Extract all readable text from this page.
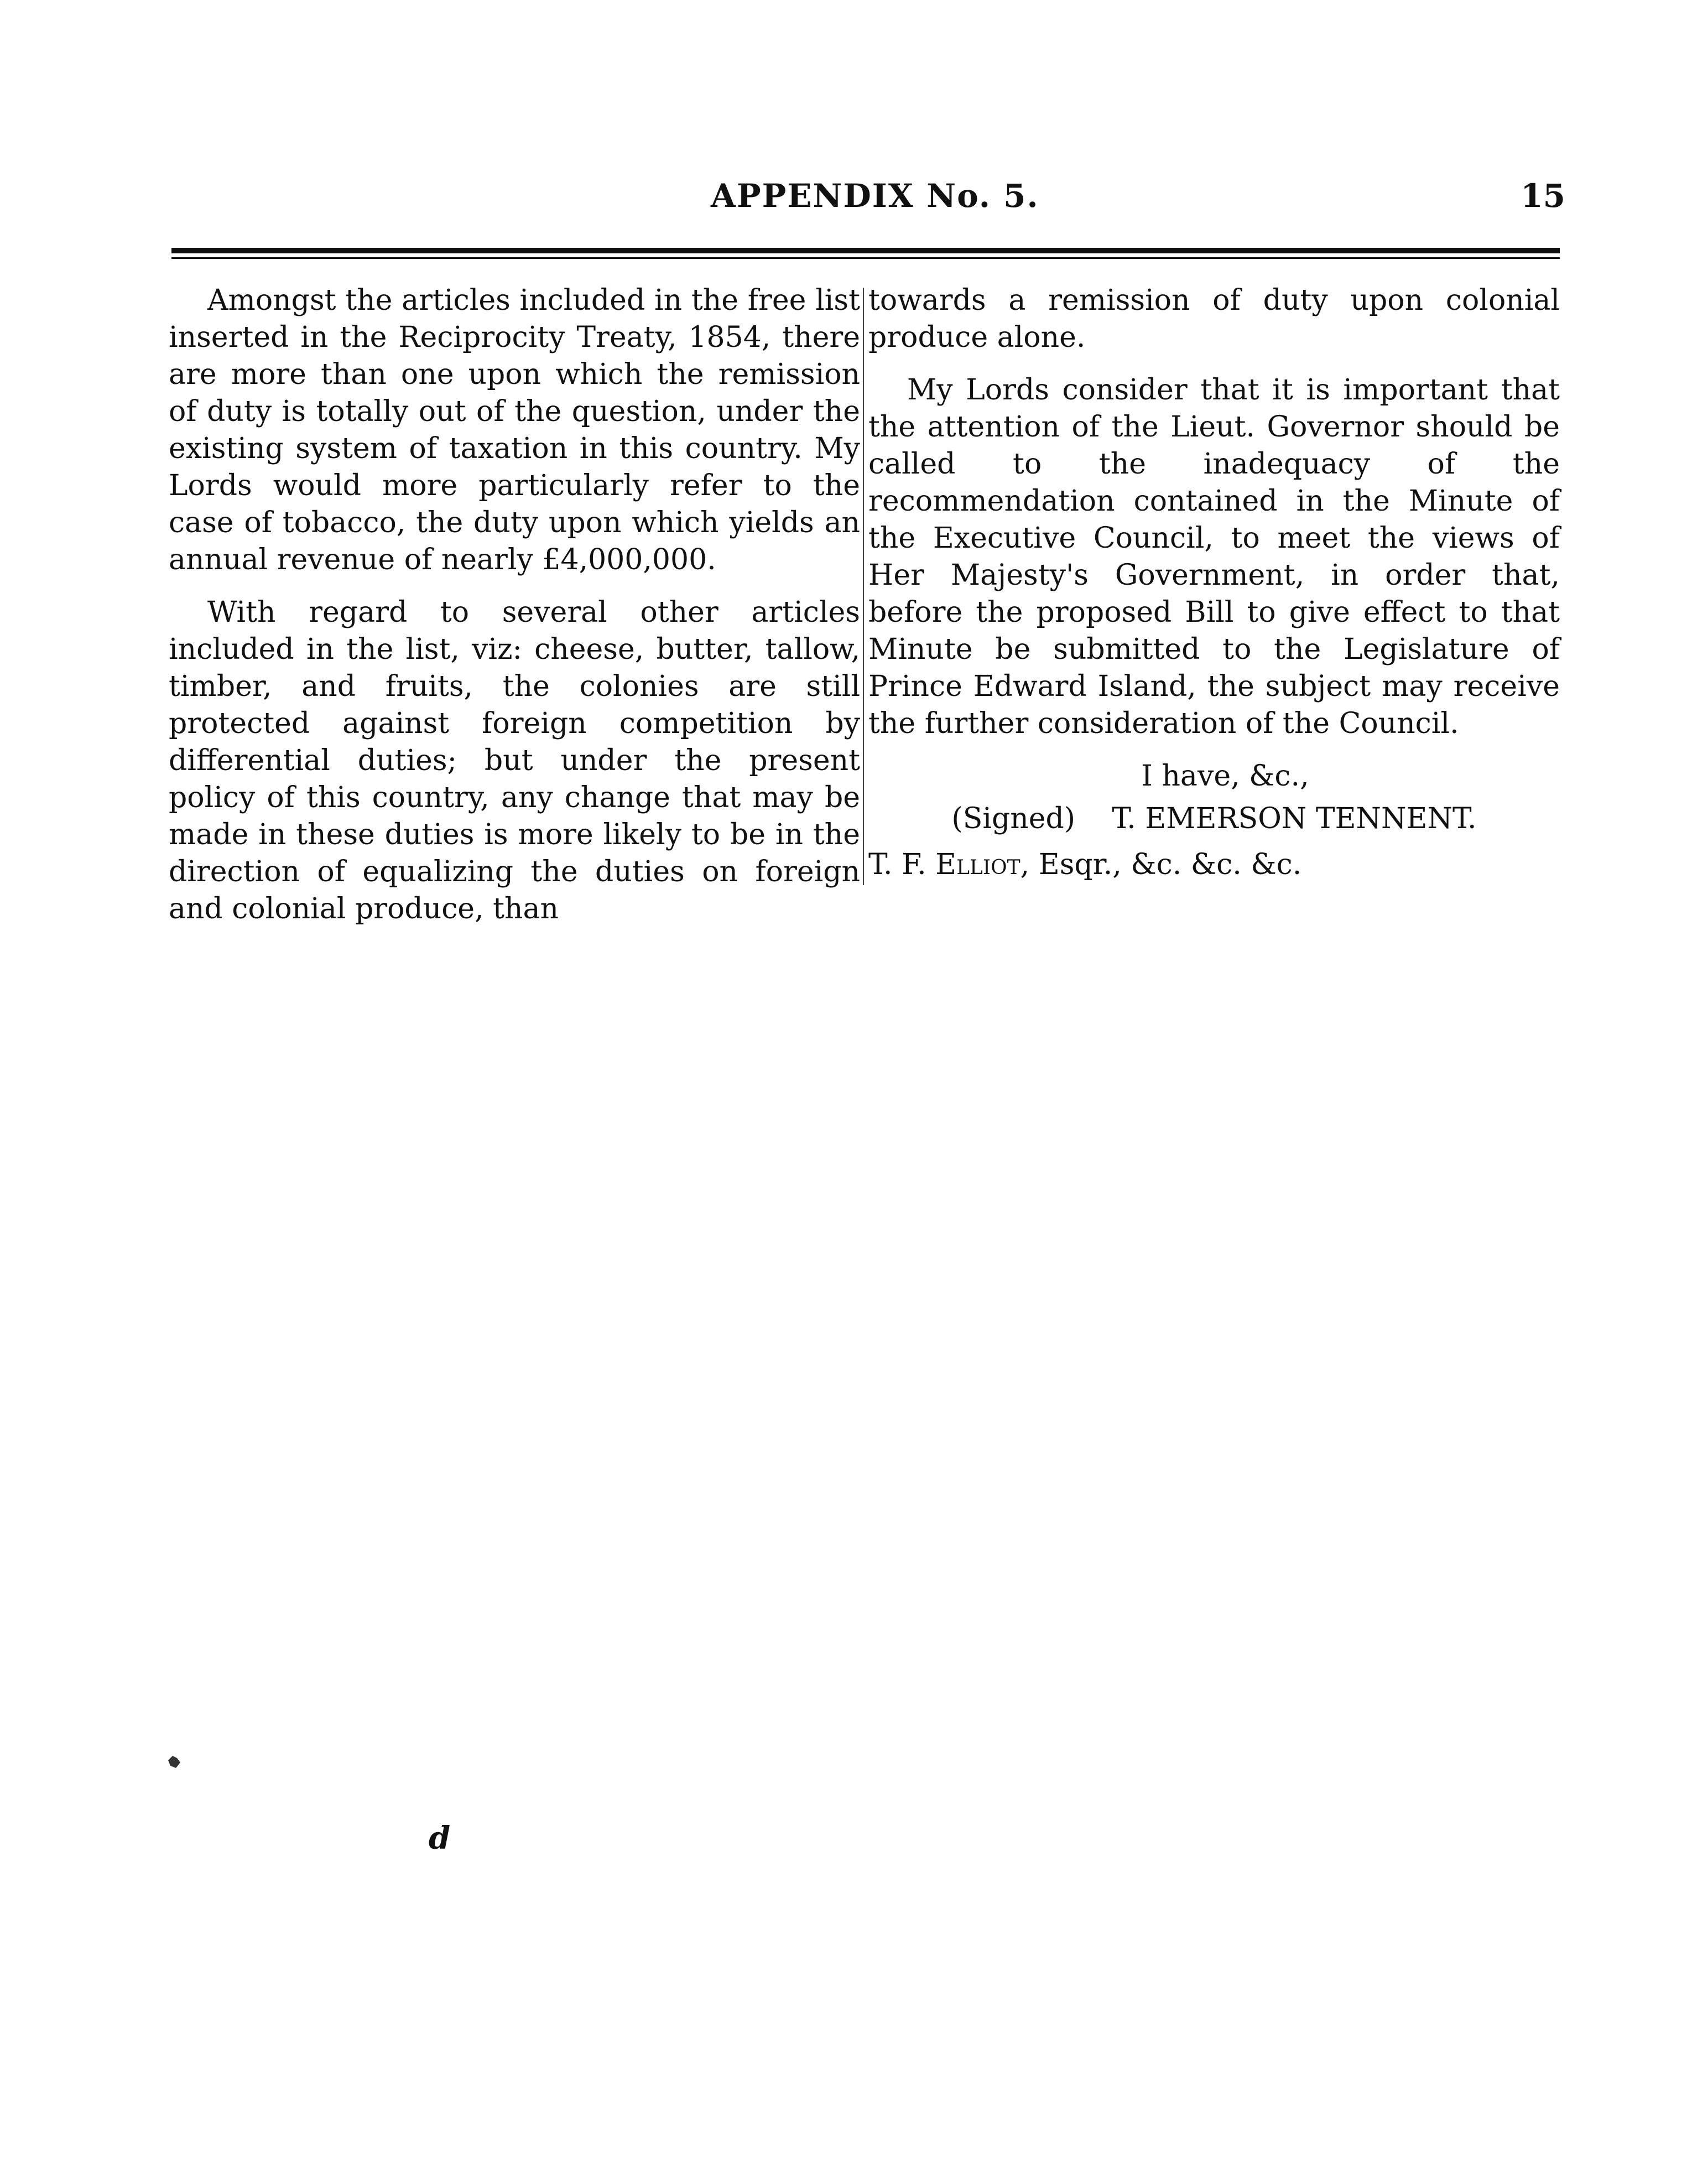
APPENDIX No. 5.	15

Amongst the articles included in the free list inserted in the Reciprocity Treaty, 1854, there are more than one upon which the remission of duty is totally out of the question, under the existing system of taxation in this country. My Lords would more particularly refer to the case of tobacco, the duty upon which yields an annual revenue of nearly £4,000,000.

With regard to several other articles included in the list, viz: cheese, butter, tallow, timber, and fruits, the colonies are still protected against foreign competition by differential duties; but under the present policy of this country, any change that may be made in these duties is more likely to be in the direction of equalizing the duties on foreign and colonial produce, than

towards a remission of duty upon colonial produce alone.

My Lords consider that it is important that the attention of the Lieut. Governor should be called to the inadequacy of the recommendation contained in the Minute of the Executive Council, to meet the views of Her Majesty's Government, in order that, before the proposed Bill to give effect to that Minute be submitted to the Legislature of Prince Edward Island, the subject may receive the further consideration of the Council.

I have, &c.,

(Signed)    T. EMERSON TENNENT.

T. F. Elliot, Esqr., &c. &c. &c.

d
